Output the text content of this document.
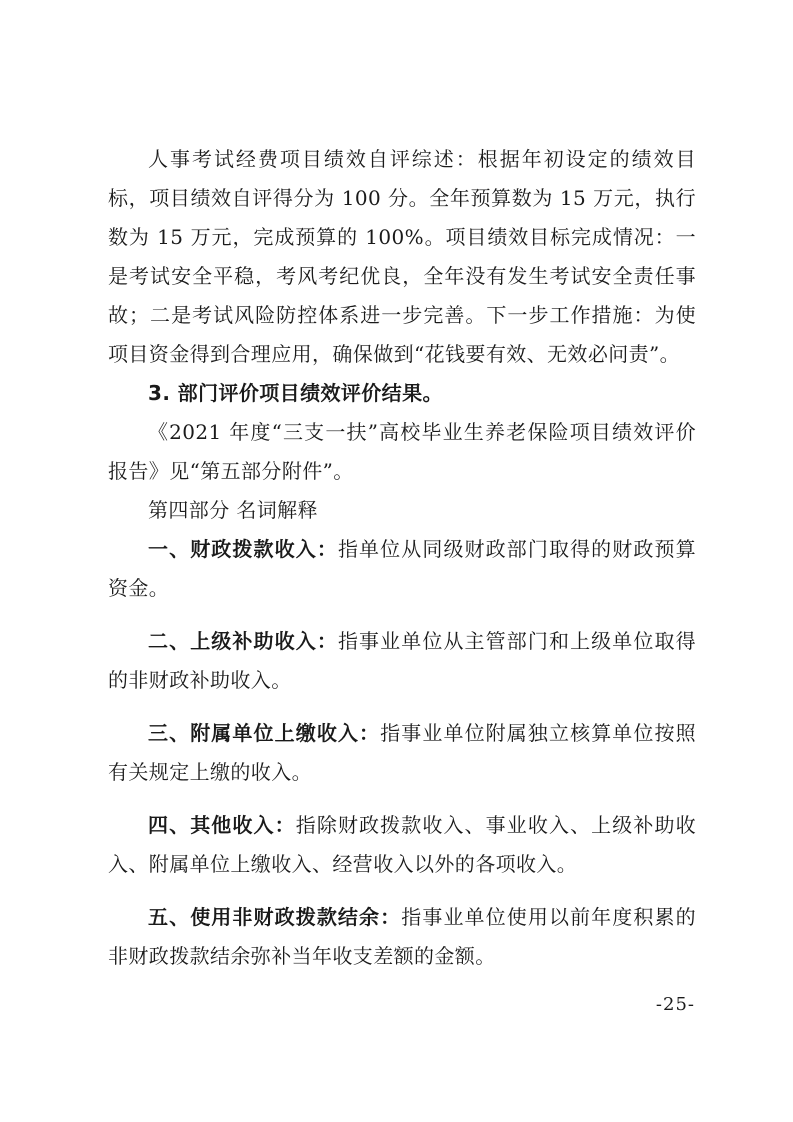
人事考试经费项目绩效自评综述：根据年初设定的绩效目标，项目绩效自评得分为 100 分。全年预算数为 15 万元，执行数为 15 万元，完成预算的 100%。项目绩效目标完成情况：一是考试安全平稳，考风考纪优良，全年没有发生考试安全责任事故；二是考试风险防控体系进一步完善。下一步工作措施：为使项目资金得到合理应用，确保做到“花钱要有效、无效必问责”。

3. 部门评价项目绩效评价结果。

《2021 年度“三支一扶”高校毕业生养老保险项目绩效评价报告》见“第五部分附件”。

第四部分 名词解释

一、财政拨款收入：指单位从同级财政部门取得的财政预算资金。

二、上级补助收入：指事业单位从主管部门和上级单位取得的非财政补助收入。

三、附属单位上缴收入：指事业单位附属独立核算单位按照有关规定上缴的收入。

四、其他收入：指除财政拨款收入、事业收入、上级补助收入、附属单位上缴收入、经营收入以外的各项收入。

五、使用非财政拨款结余：指事业单位使用以前年度积累的非财政拨款结余弥补当年收支差额的金额。

-25-
